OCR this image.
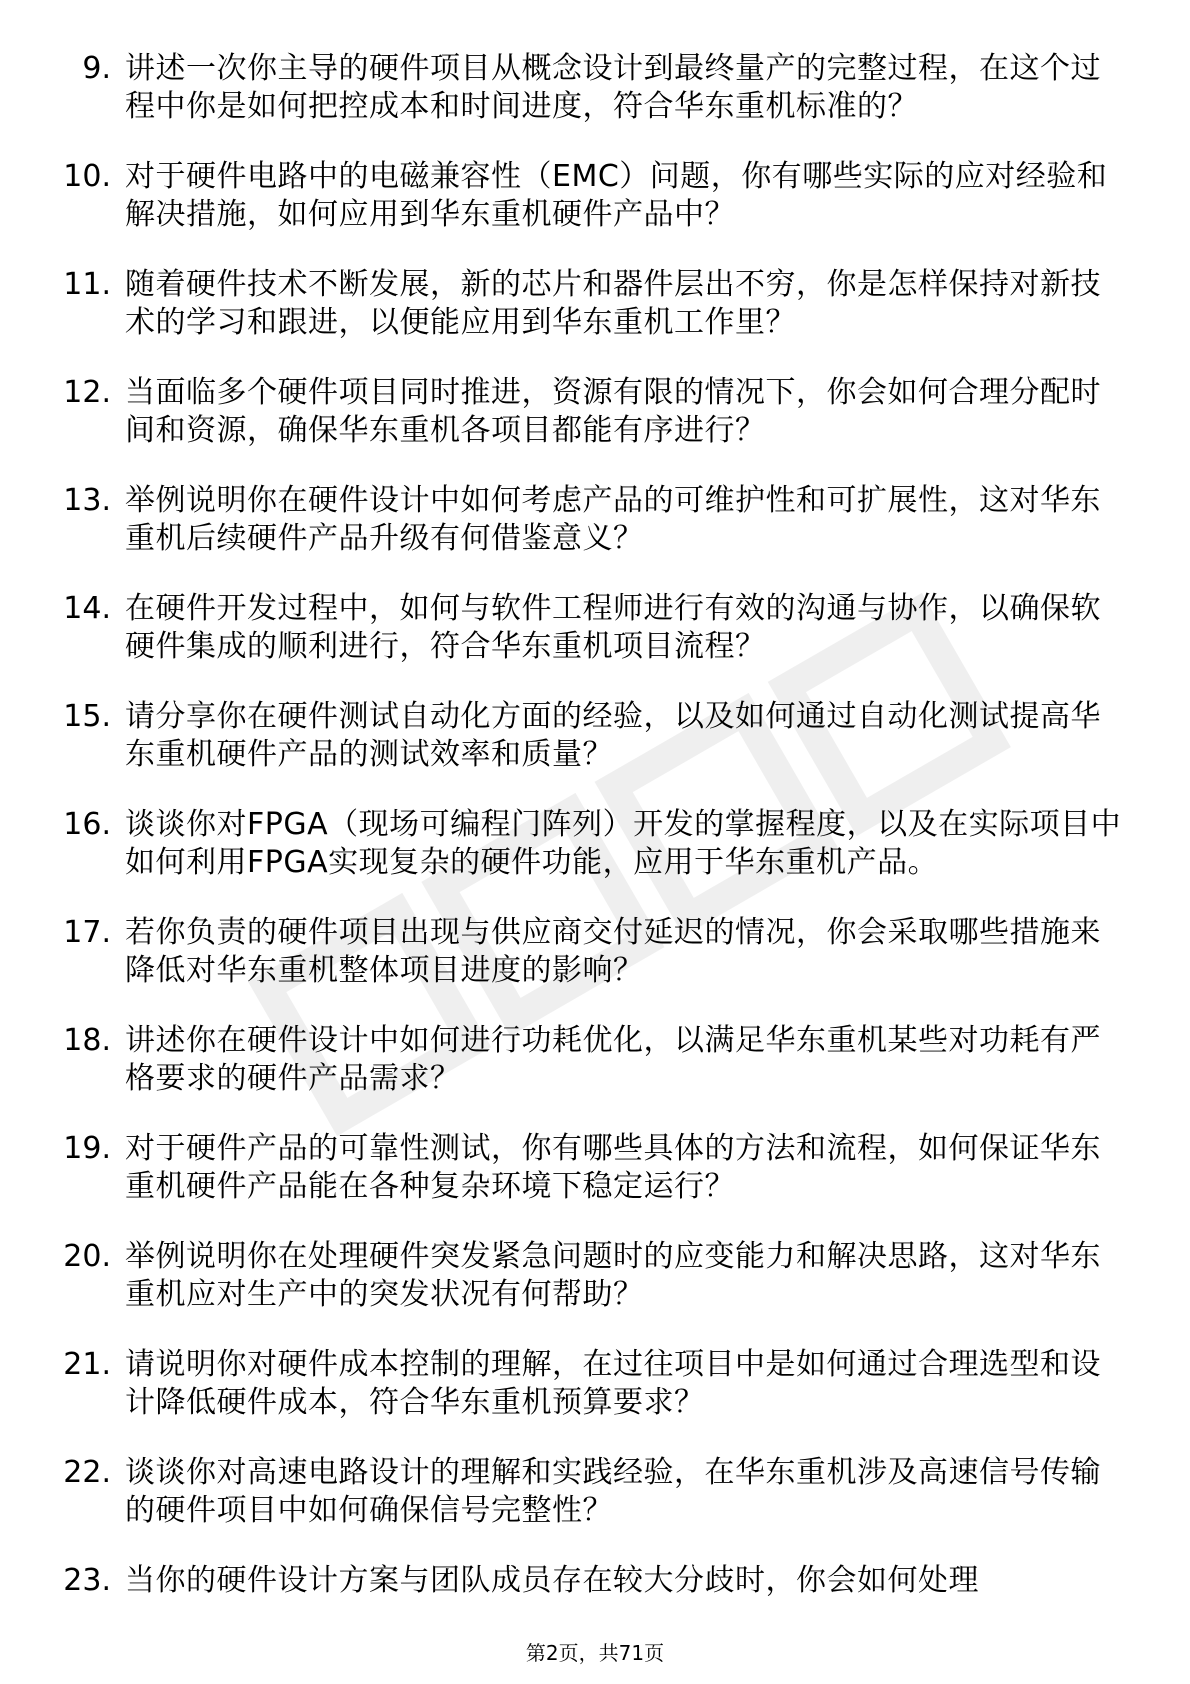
9. 讲述一次你主导的硬件项目从概念设计到最终量产的完整过程，在这个过程中你是如何把控成本和时间进度，符合华东重机标准的？
10. 对于硬件电路中的电磁兼容性（EMC）问题，你有哪些实际的应对经验和解决措施，如何应用到华东重机硬件产品中？
11. 随着硬件技术不断发展，新的芯片和器件层出不穷，你是怎样保持对新技术的学习和跟进，以便能应用到华东重机工作里？
12. 当面临多个硬件项目同时推进，资源有限的情况下，你会如何合理分配时间和资源，确保华东重机各项目都能有序进行？
13. 举例说明你在硬件设计中如何考虑产品的可维护性和可扩展性，这对华东重机后续硬件产品升级有何借鉴意义？
14. 在硬件开发过程中，如何与软件工程师进行有效的沟通与协作，以确保软硬件集成的顺利进行，符合华东重机项目流程？
15. 请分享你在硬件测试自动化方面的经验，以及如何通过自动化测试提高华东重机硬件产品的测试效率和质量？
16. 谈谈你对FPGA（现场可编程门阵列）开发的掌握程度，以及在实际项目中如何利用FPGA实现复杂的硬件功能，应用于华东重机产品。
17. 若你负责的硬件项目出现与供应商交付延迟的情况，你会采取哪些措施来降低对华东重机整体项目进度的影响？
18. 讲述你在硬件设计中如何进行功耗优化，以满足华东重机某些对功耗有严格要求的硬件产品需求？
19. 对于硬件产品的可靠性测试，你有哪些具体的方法和流程，如何保证华东重机硬件产品能在各种复杂环境下稳定运行？
20. 举例说明你在处理硬件突发紧急问题时的应变能力和解决思路，这对华东重机应对生产中的突发状况有何帮助？
21. 请说明你对硬件成本控制的理解，在过往项目中是如何通过合理选型和设计降低硬件成本，符合华东重机预算要求？
22. 谈谈你对高速电路设计的理解和实践经验，在华东重机涉及高速信号传输的硬件项目中如何确保信号完整性？
23. 当你的硬件设计方案与团队成员存在较大分歧时，你会如何处理
第2页，共71页
